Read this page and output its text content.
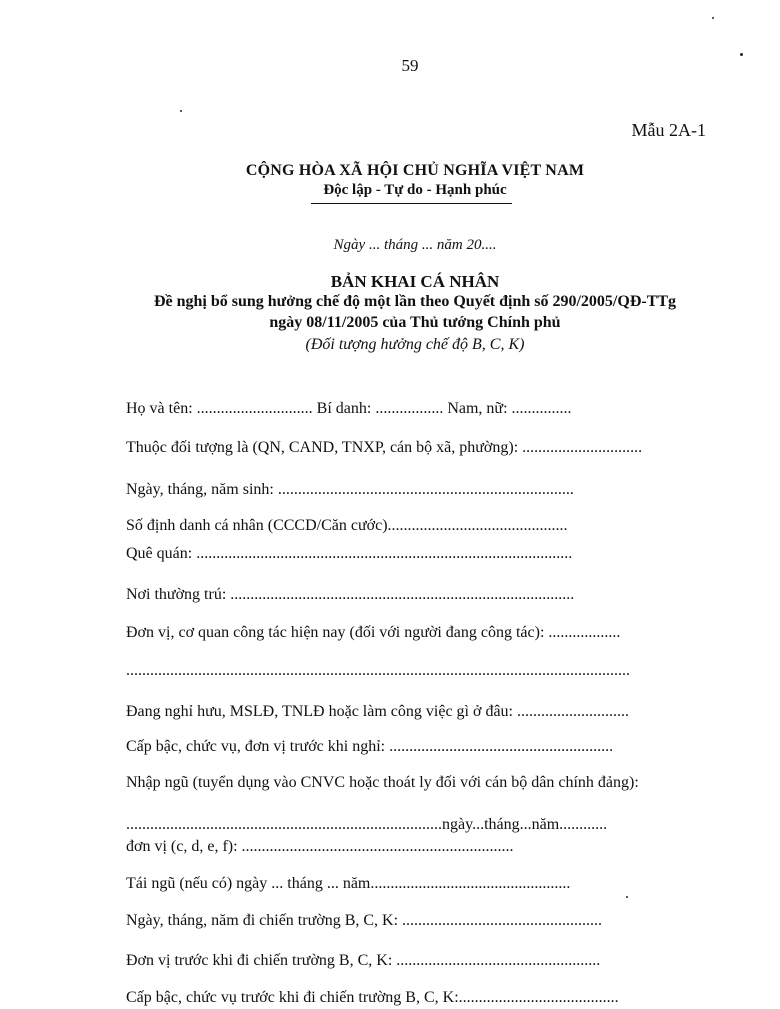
59
Mẫu 2A-1
CỘNG HÒA XÃ HỘI CHỦ NGHĨA VIỆT NAM
Độc lập - Tự do - Hạnh phúc
Ngày ... tháng ... năm 20....
BẢN KHAI CÁ NHÂN
Đề nghị bổ sung hưởng chế độ một lần theo Quyết định số 290/2005/QĐ-TTg
ngày 08/11/2005 của Thủ tướng Chính phủ
(Đối tượng hưởng chế độ B, C, K)
Họ và tên: ............................. Bí danh: ................. Nam, nữ: ...............
Thuộc đối tượng là (QN, CAND, TNXP, cán bộ xã, phường): ..............................
Ngày, tháng, năm sinh: ..........................................................................
Số định danh cá nhân (CCCD/Căn cước).............................................
Quê quán: ..............................................................................................
Nơi thường trú: ......................................................................................
Đơn vị, cơ quan công tác hiện nay (đối với người đang công tác): ..................
..............................................................................................................................
Đang nghỉ hưu, MSLĐ, TNLĐ hoặc làm công việc gì ở đâu: ............................
Cấp bậc, chức vụ, đơn vị trước khi nghỉ: ........................................................
Nhập ngũ (tuyển dụng vào CNVC hoặc thoát ly đối với cán bộ dân chính đảng):
...............................................................................ngày...tháng...năm............
đơn vị (c, d, e, f): ....................................................................
Tái ngũ (nếu có) ngày ... tháng ... năm..................................................
Ngày, tháng, năm đi chiến trường B, C, K: ..................................................
Đơn vị trước khi đi chiến trường B, C, K: ...................................................
Cấp bậc, chức vụ trước khi đi chiến trường B, C, K:........................................
